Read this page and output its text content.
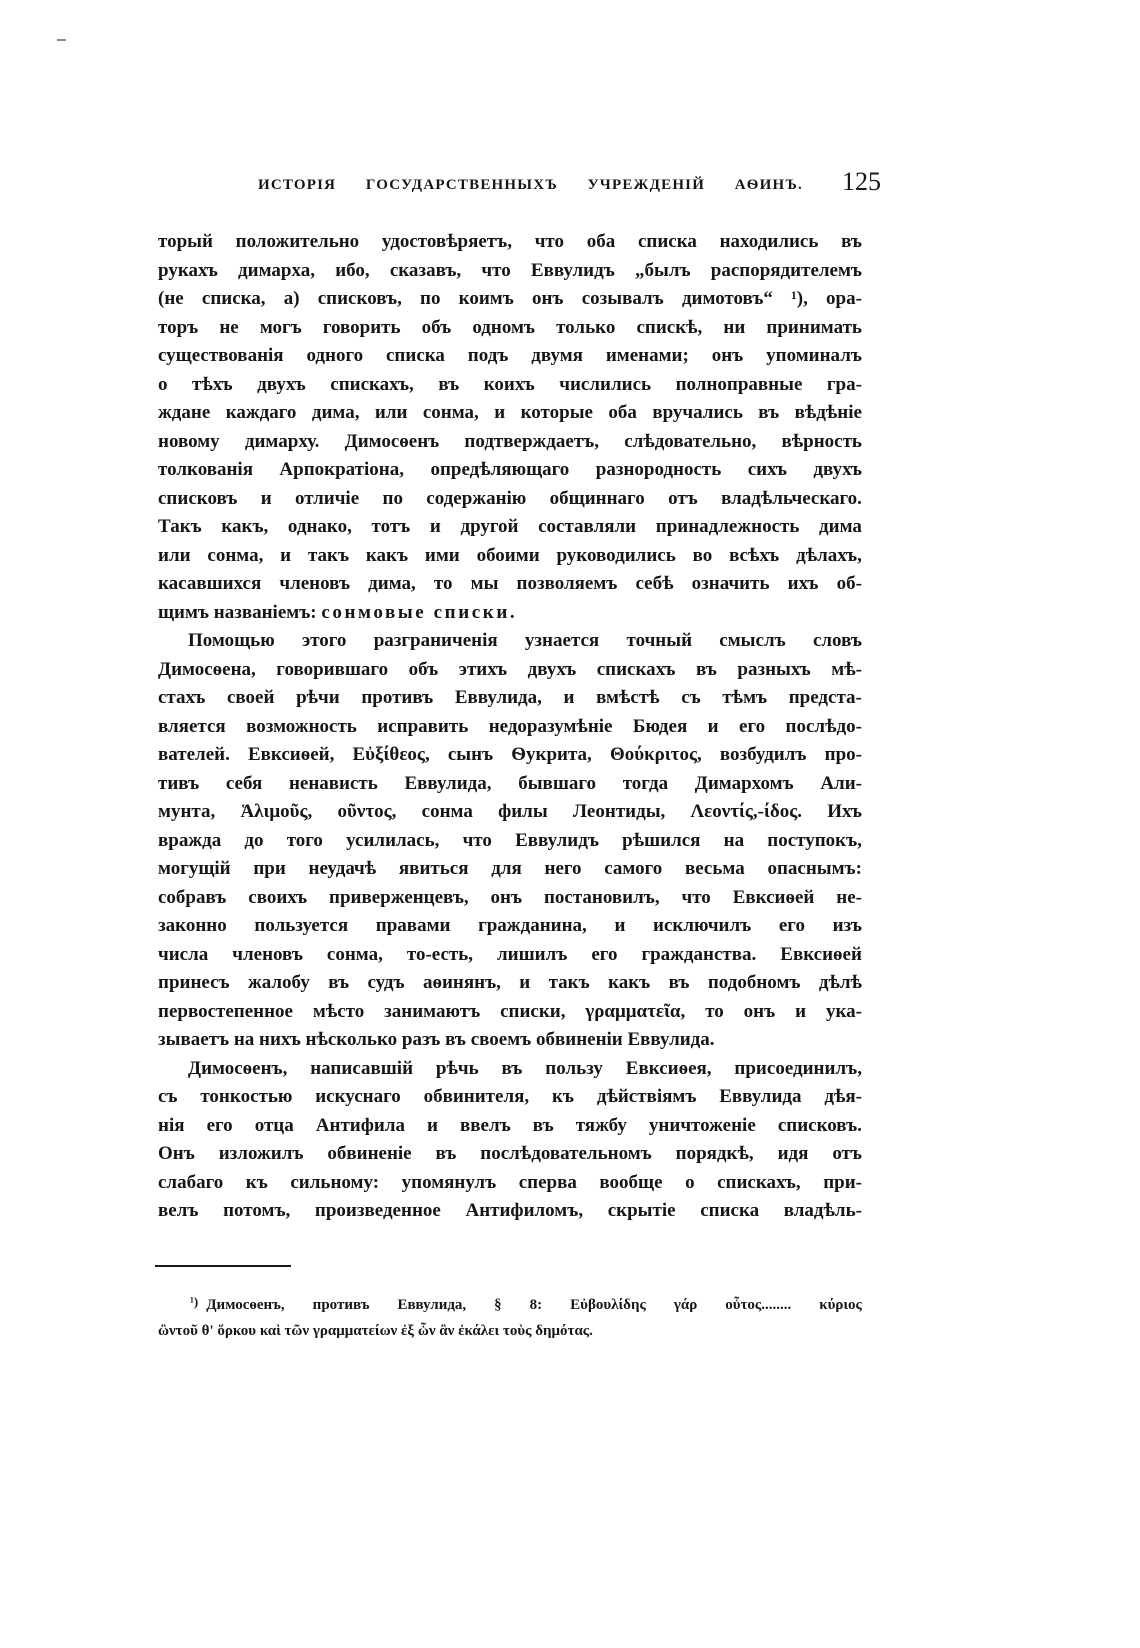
ИСТОРІЯ ГОСУДАРСТВЕННЫХЪ УЧРЕЖДЕНІЙ АѲИНЪ. 125
торый положительно удостовѣряетъ, что оба списка находились въ
рукахъ димарха, ибо, сказавъ, что Еввулидъ „былъ распорядителемъ
(не списка, а) списковъ, по коимъ онъ созывалъ димотовъ“ ¹), ора-
торъ не могъ говорить объ одномъ только спискѣ, ни принимать
существованія одного списка подъ двумя именами; онъ упоминалъ
о тѣхъ двухъ спискахъ, въ коихъ числились полноправные гра-
ждане каждаго дима, или сонма, и которые оба вручались въ вѣдѣніе
новому димарху. Димосѳенъ подтверждаетъ, слѣдовательно, вѣрность
толкованія Арпократіона, опредѣляющаго разнородность сихъ двухъ
списковъ и отличіе по содержанію общиннаго отъ владѣльческаго.
Такъ какъ, однако, тотъ и другой составляли принадлежность дима
или сонма, и такъ какъ ими обоими руководились во всѣхъ дѣлахъ,
касавшихся членовъ дима, то мы позволяемъ себѣ означить ихъ об-
щимъ названіемъ: сонмовые списки.
Помощью этого разграниченія узнается точный смыслъ словъ
Димосѳена, говорившаго объ этихъ двухъ спискахъ въ разныхъ мѣ-
стахъ своей рѣчи противъ Еввулида, и вмѣстѣ съ тѣмъ предста-
вляется возможность исправить недоразумѣніе Бюдея и его послѣдо-
вателей. Евксиѳей, Εὐξίθεος, сынъ Ѳукрита, Θούκριτος, возбудилъ про-
тивъ себя ненависть Еввулида, бывшаго тогда Димархомъ Али-
мунта, Ἁλιμοῦς, οῦντος, сонма филы Леонтиды, Λεοντίς,-ίδος. Ихъ
вражда до того усилилась, что Еввулидъ рѣшился на поступокъ,
могущій при неудачѣ явиться для него самого весьма опаснымъ:
собравъ своихъ приверженцевъ, онъ постановилъ, что Евксиѳей не-
законно пользуется правами гражданина, и исключилъ его изъ
числа членовъ сонма, то-есть, лишилъ его гражданства. Евксиѳей
принесъ жалобу въ судъ аѳинянъ, и такъ какъ въ подобномъ дѣлѣ
первостепенное мѣсто занимаютъ списки, γραμματεῖα, то онъ и ука-
зываетъ на нихъ нѣсколько разъ въ своемъ обвиненіи Еввулида.
Димосѳенъ, написавшій рѣчь въ пользу Евксиѳея, присоединилъ,
съ тонкостью искуснаго обвинителя, къ дѣйствіямъ Еввулида дѣя-
нія его отца Антифила и ввелъ въ тяжбу уничтоженіе списковъ.
Онъ изложилъ обвиненіе въ послѣдовательномъ порядкѣ, идя отъ
слабаго къ сильному: упомянулъ сперва вообще о спискахъ, при-
велъ потомъ, произведенное Антифиломъ, скрытіе списка владѣль-
¹) Димосѳенъ, противъ Еввулида, § 8: Εὐβουλίδης γάρ οὗτος........ κύριος
ὢντοῦ θ' ὅρκου καὶ τῶν γραμματείων ἐξ ὧν ἂν ἐκάλει τοὺς δημότας.
